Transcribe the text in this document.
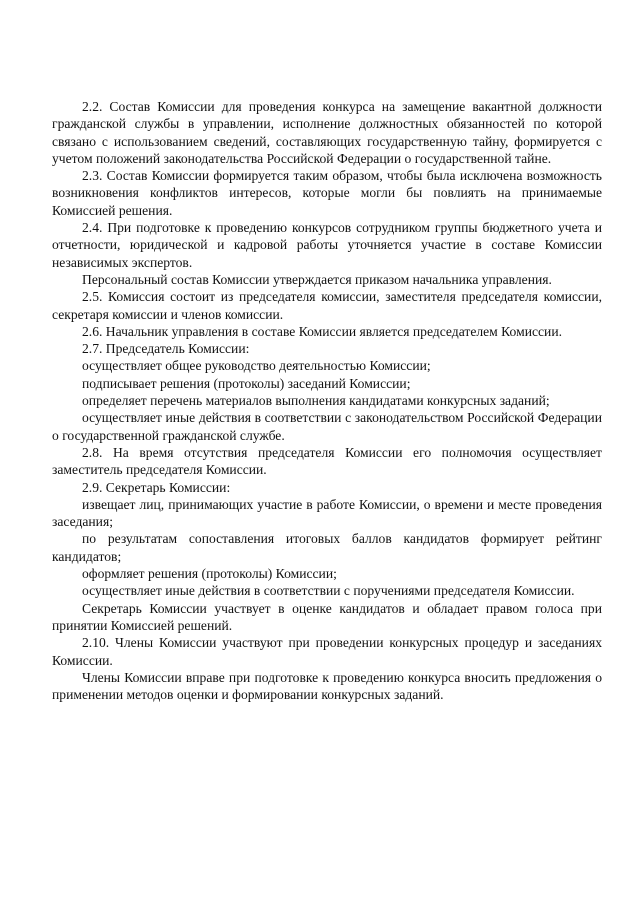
2.2. Состав Комиссии для проведения конкурса на замещение вакантной должности гражданской службы в управлении, исполнение должностных обязанностей по которой связано с использованием сведений, составляющих государственную тайну, формируется с учетом положений законодательства Российской Федерации о государственной тайне.

2.3. Состав Комиссии формируется таким образом, чтобы была исключена возможность возникновения конфликтов интересов, которые могли бы повлиять на принимаемые Комиссией решения.

2.4. При подготовке к проведению конкурсов сотрудником группы бюджетного учета и отчетности, юридической и кадровой работы уточняется участие в составе Комиссии независимых экспертов.

Персональный состав Комиссии утверждается приказом начальника управления.

2.5. Комиссия состоит из председателя комиссии, заместителя председателя комиссии, секретаря комиссии и членов комиссии.

2.6. Начальник управления в составе Комиссии является председателем Комиссии.

2.7. Председатель Комиссии:

осуществляет общее руководство деятельностью Комиссии;

подписывает решения (протоколы) заседаний Комиссии;

определяет перечень материалов выполнения кандидатами конкурсных заданий;

осуществляет иные действия в соответствии с законодательством Российской Федерации о государственной гражданской службе.

2.8. На время отсутствия председателя Комиссии его полномочия осуществляет заместитель председателя Комиссии.

2.9. Секретарь Комиссии:

извещает лиц, принимающих участие в работе Комиссии, о времени и месте проведения заседания;

по результатам сопоставления итоговых баллов кандидатов формирует рейтинг кандидатов;

оформляет решения (протоколы) Комиссии;

осуществляет иные действия в соответствии с поручениями председателя Комиссии.

Секретарь Комиссии участвует в оценке кандидатов и обладает правом голоса при принятии Комиссией решений.

2.10. Члены Комиссии участвуют при проведении конкурсных процедур и заседаниях Комиссии.

Члены Комиссии вправе при подготовке к проведению конкурса вносить предложения о применении методов оценки и формировании конкурсных заданий.
